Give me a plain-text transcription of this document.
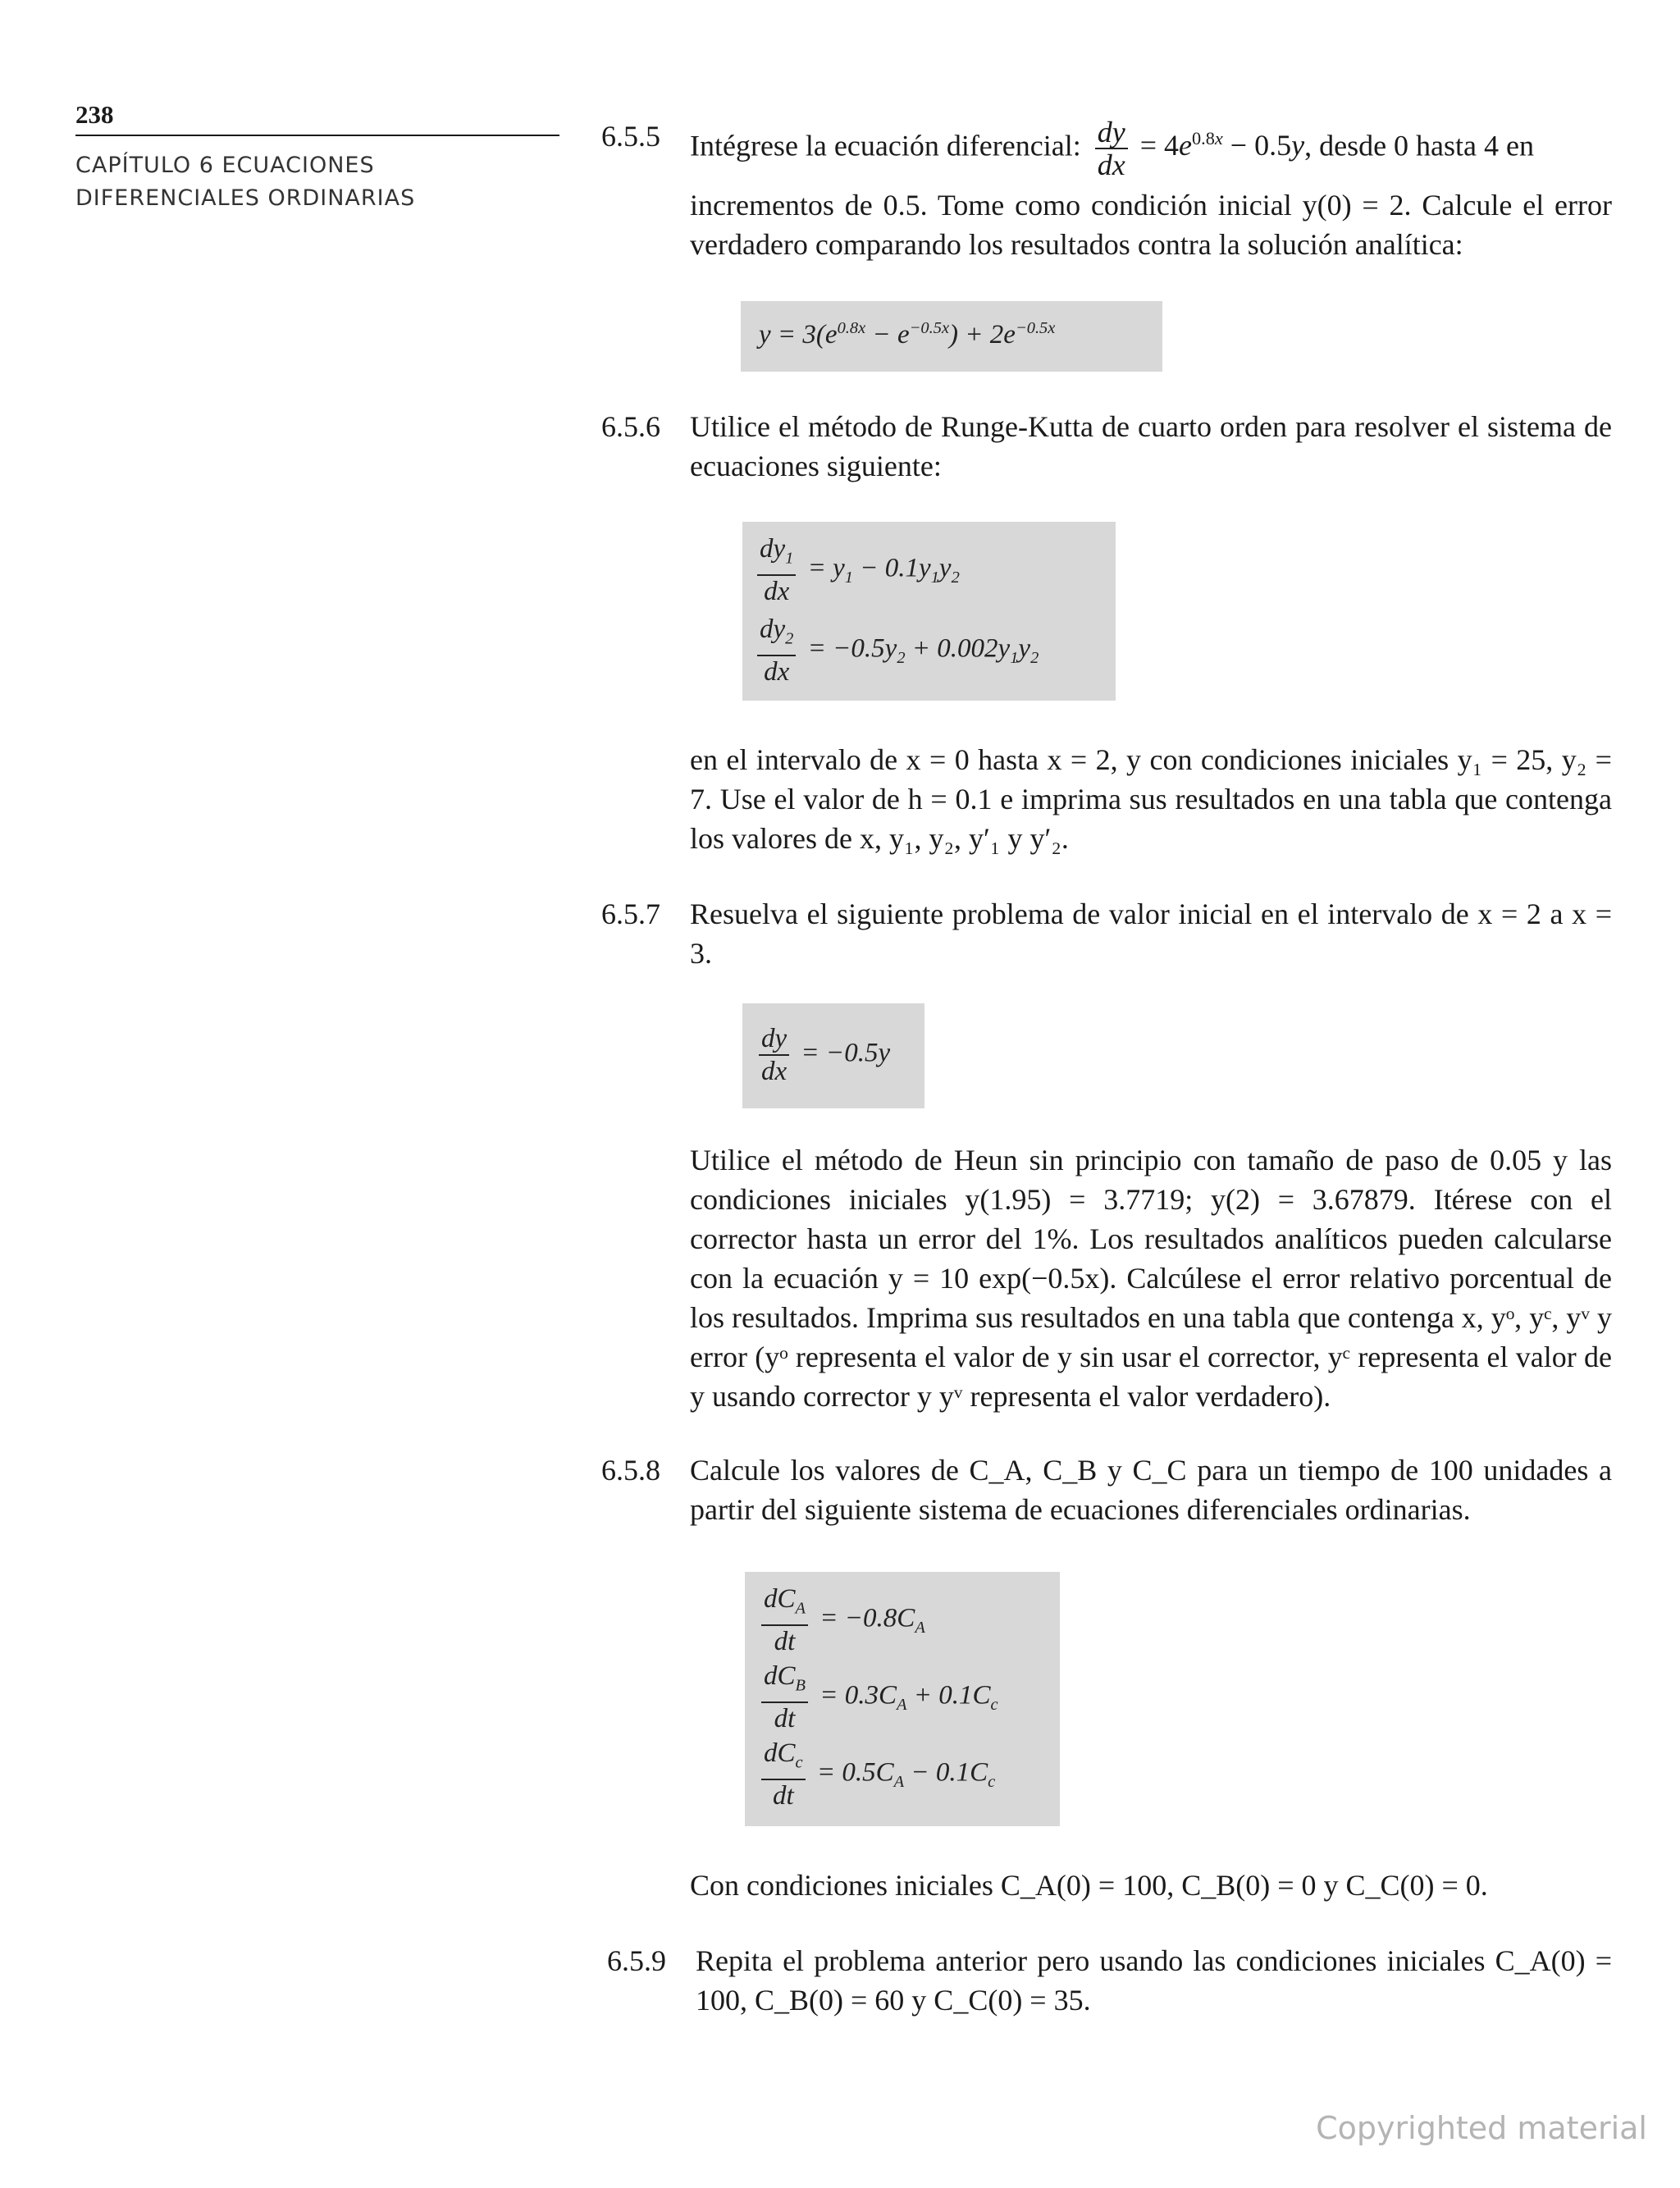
238
CAPÍTULO 6 ECUACIONES
DIFERENCIALES ORDINARIAS
6.5.5 Intégrese la ecuación diferencial: $\frac{dy}{dx} = 4e^{0.8x} - 0.5y$, desde 0 hasta 4 en

incrementos de 0.5. Tome como condición inicial y(0) = 2. Calcule el error verdadero comparando los resultados contra la solución analítica:

$y = 3(e^{0.8x} - e^{-0.5x}) + 2e^{-0.5x}$
6.5.6 Utilice el método de Runge-Kutta de cuarto orden para resolver el sistema de ecuaciones siguiente:

$\frac{dy_1}{dx} = y_1 - 0.1y_1y_2$
$\frac{dy_2}{dx} = -0.5y_2 + 0.002y_1y_2$

en el intervalo de x = 0 hasta x = 2, y con condiciones iniciales y₁ = 25, y₂ = 7. Use el valor de h = 0.1 e imprima sus resultados en una tabla que contenga los valores de x, y₁, y₂, y′₁ y y′₂.

6.5.7 Resuelva el siguiente problema de valor inicial en el intervalo de x = 2 a x = 3.

$\frac{dy}{dx} = -0.5y$

Utilice el método de Heun sin principio con tamaño de paso de 0.05 y las condiciones iniciales y(1.95) = 3.7719; y(2) = 3.67879. Itérese con el corrector hasta un error del 1%. Los resultados analíticos pueden calcularse con la ecuación y = 10 exp(−0.5x). Calcúlese el error relativo porcentual de los resultados. Imprima sus resultados en una tabla que contenga x, yᵒ, yᶜ, yᵛ y error (yᵒ representa el valor de y sin usar el corrector, yᶜ representa el valor de y usando corrector y yᵛ representa el valor verdadero).

6.5.8 Calcule los valores de C_A, C_B y C_C para un tiempo de 100 unidades a partir del siguiente sistema de ecuaciones diferenciales ordinarias.

$\frac{dC_A}{dt} = -0.8C_A$
$\frac{dC_B}{dt} = 0.3C_A + 0.1C_c$
$\frac{dC_c}{dt} = 0.5C_A - 0.1C_c$

Con condiciones iniciales C_A(0) = 100, C_B(0) = 0 y C_C(0) = 0.

6.5.9 Repita el problema anterior pero usando las condiciones iniciales C_A(0) = 100, C_B(0) = 60 y C_C(0) = 35.

Copyrighted material
